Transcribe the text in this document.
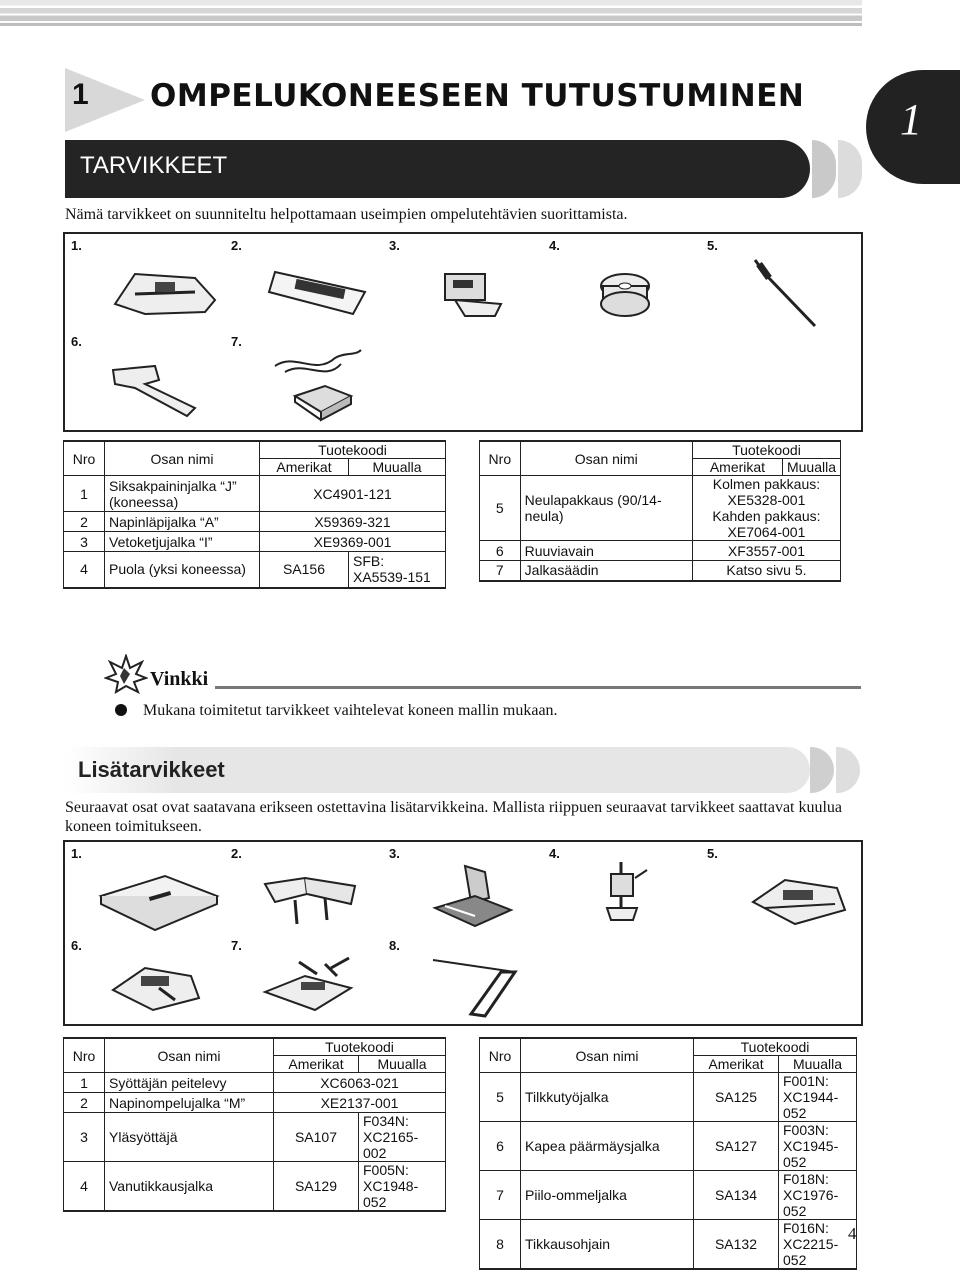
1 OMPELUKONEESEEN TUTUSTUMINEN 1
TARVIKKEET
Nämä tarvikkeet on suunniteltu helpottamaan useimpien ompelutehtävien suorittamista.
1.	2.	3.	4.	5.
6.	7.
Nro	Osan nimi	Tuotekoodi	
		Amerikat	Muualla
1	Siksakpaininjalka “J” (koneessa)	XC4901-121	
2	Napinläpijalka “A”	X59369-321	
3	Vetoketjujalka “I”	XE9369-001	
4	Puola (yksi koneessa)	SA156	SFB: XA5539-151
Nro	Osan nimi	Tuotekoodi	
		Amerikat	Muualla
5	Neulapakkaus (90/14-neula)	Kolmen pakkaus:
XE5328-001
Kahden pakkaus:
XE7064-001	

6	Ruuviavain	XF3557-001	
7	Jalkasäädin	Katso sivu 5.	
Vinkki
Mukana toimitetut tarvikkeet vaihtelevat koneen mallin mukaan.
Lisätarvikkeet
Seuraavat osat ovat saatavana erikseen ostettavina lisätarvikkeina. Mallista riippuen seuraavat tarvikkeet saattavat kuulua koneen toimitukseen.
1.	2.	3.	4.	5.
6.	7.	8.
Nro	Osan nimi	Tuotekoodi	
		Amerikat	Muualla
1	Syöttäjän peitelevy	XC6063-021	
2	Napinompelujalka “M”	XE2137-001	
3	Yläsyöttäjä	SA107	F034N: XC2165-002
4	Vanutikkausjalka	SA129	F005N: XC1948-052
Nro	Osan nimi	Tuotekoodi	
		Amerikat	Muualla
5	Tilkkutyöjalka	SA125	F001N: XC1944-052
6	Kapea päärmäysjalka	SA127	F003N: XC1945-052
7	Piilo-ommeljalka	SA134	F018N: XC1976-052
8	Tikkausohjain	SA132	F016N: XC2215-052
4
